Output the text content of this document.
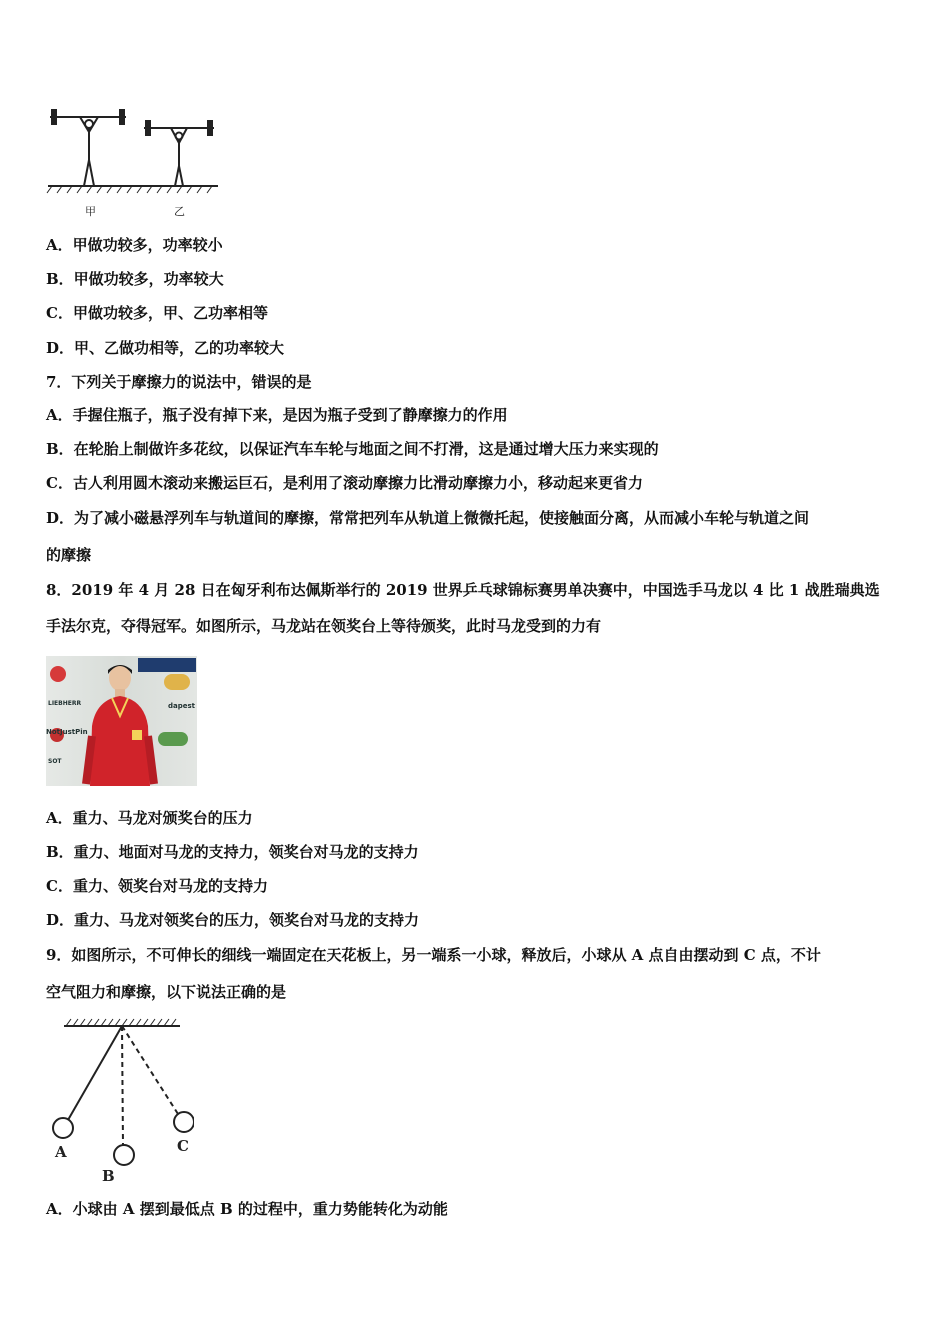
甲	乙
A．甲做功较多，功率较小
B．甲做功较多，功率较大
C．甲做功较多，甲、乙功率相等
D．甲、乙做功相等，乙的功率较大
7．下列关于摩擦力的说法中，错误的是
A．手握住瓶子，瓶子没有掉下来，是因为瓶子受到了静摩擦力的作用
B．在轮胎上制做许多花纹，以保证汽车车轮与地面之间不打滑，这是通过增大压力来实现的
C．古人利用圆木滚动来搬运巨石，是利用了滚动摩擦力比滑动摩擦力小，移动起来更省力
D．为了减小磁悬浮列车与轨道间的摩擦，常常把列车从轨道上微微托起，使接触面分离，从而减小车轮与轨道之间
的摩擦
8．2019 年 4 月 28 日在匈牙利布达佩斯举行的 2019 世界乒乓球锦标赛男单决赛中，中国选手马龙以 4 比 1 战胜瑞典选
手法尔克，夺得冠军。如图所示，马龙站在领奖台上等待颁奖，此时马龙受到的力有
LIEBHERR
NotJustPin
dapest
SOT
A．重力、马龙对颁奖台的压力
B．重力、地面对马龙的支持力，领奖台对马龙的支持力
C．重力、领奖台对马龙的支持力
D．重力、马龙对领奖台的压力，领奖台对马龙的支持力
9．如图所示，不可伸长的细线一端固定在天花板上，另一端系一小球，释放后，小球从 A 点自由摆动到 C 点，不计
空气阻力和摩擦，以下说法正确的是
A
B
C
A．小球由 A 摆到最低点 B 的过程中，重力势能转化为动能
